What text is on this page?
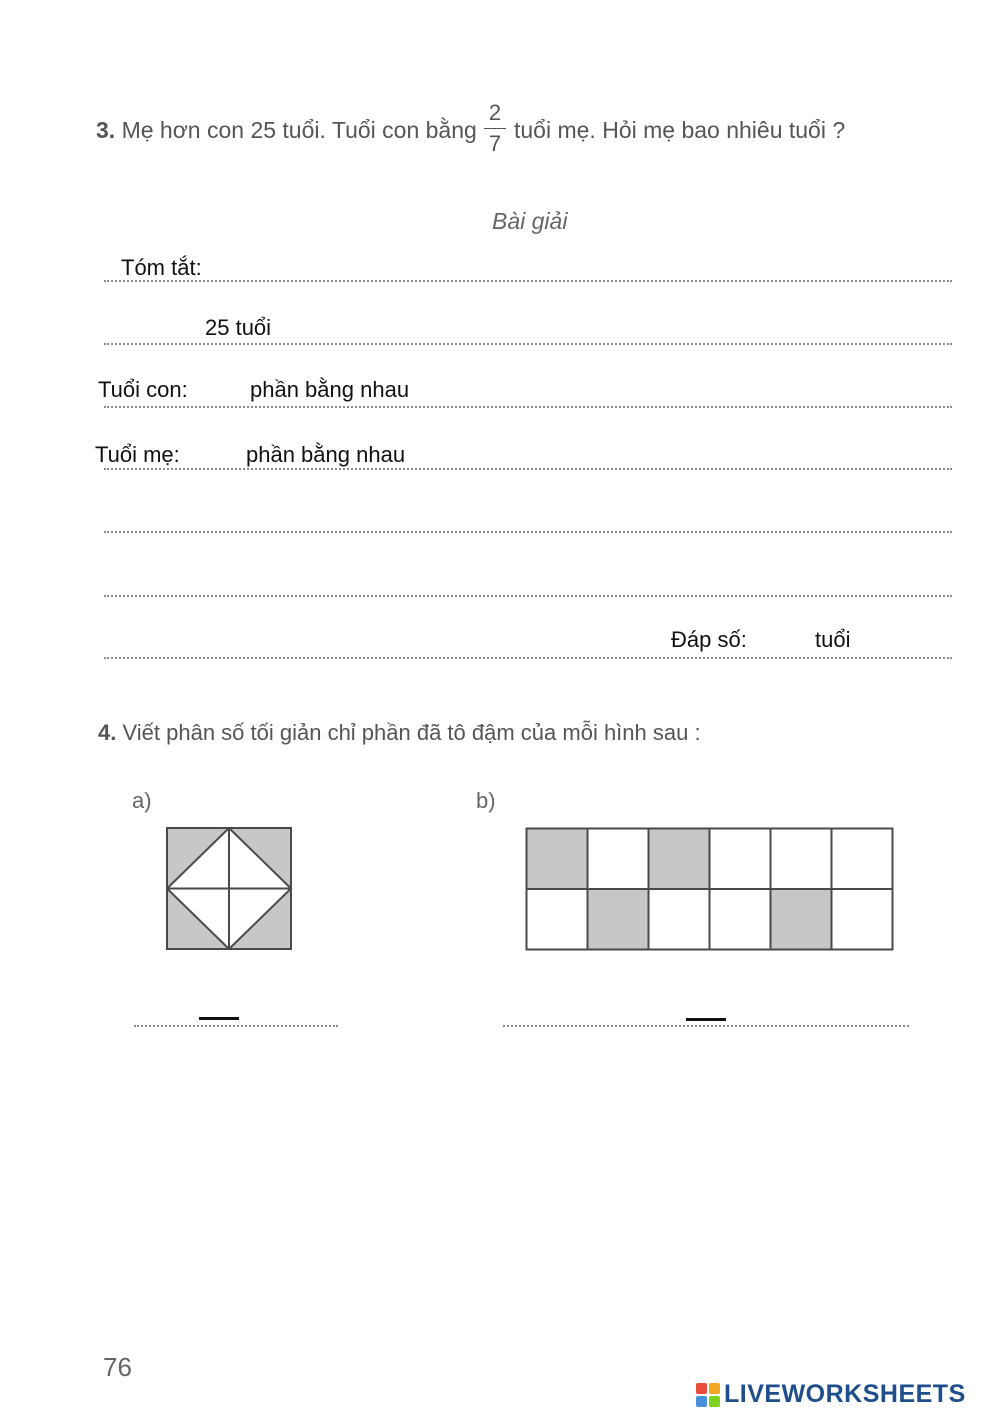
3. Mẹ hơn con 25 tuổi. Tuổi con bằng
2
7
tuổi mẹ. Hỏi mẹ bao nhiêu tuổi ?
Bài giải
Tóm tắt:
25 tuổi
Tuổi con:	phần bằng nhau
Tuổi mẹ:	phần bằng nhau
Đáp số:	tuổi
4. Viết phân số tối giản chỉ phần đã tô đậm của mỗi hình sau :
a)	b)
76
LIVEWORKSHEETS
